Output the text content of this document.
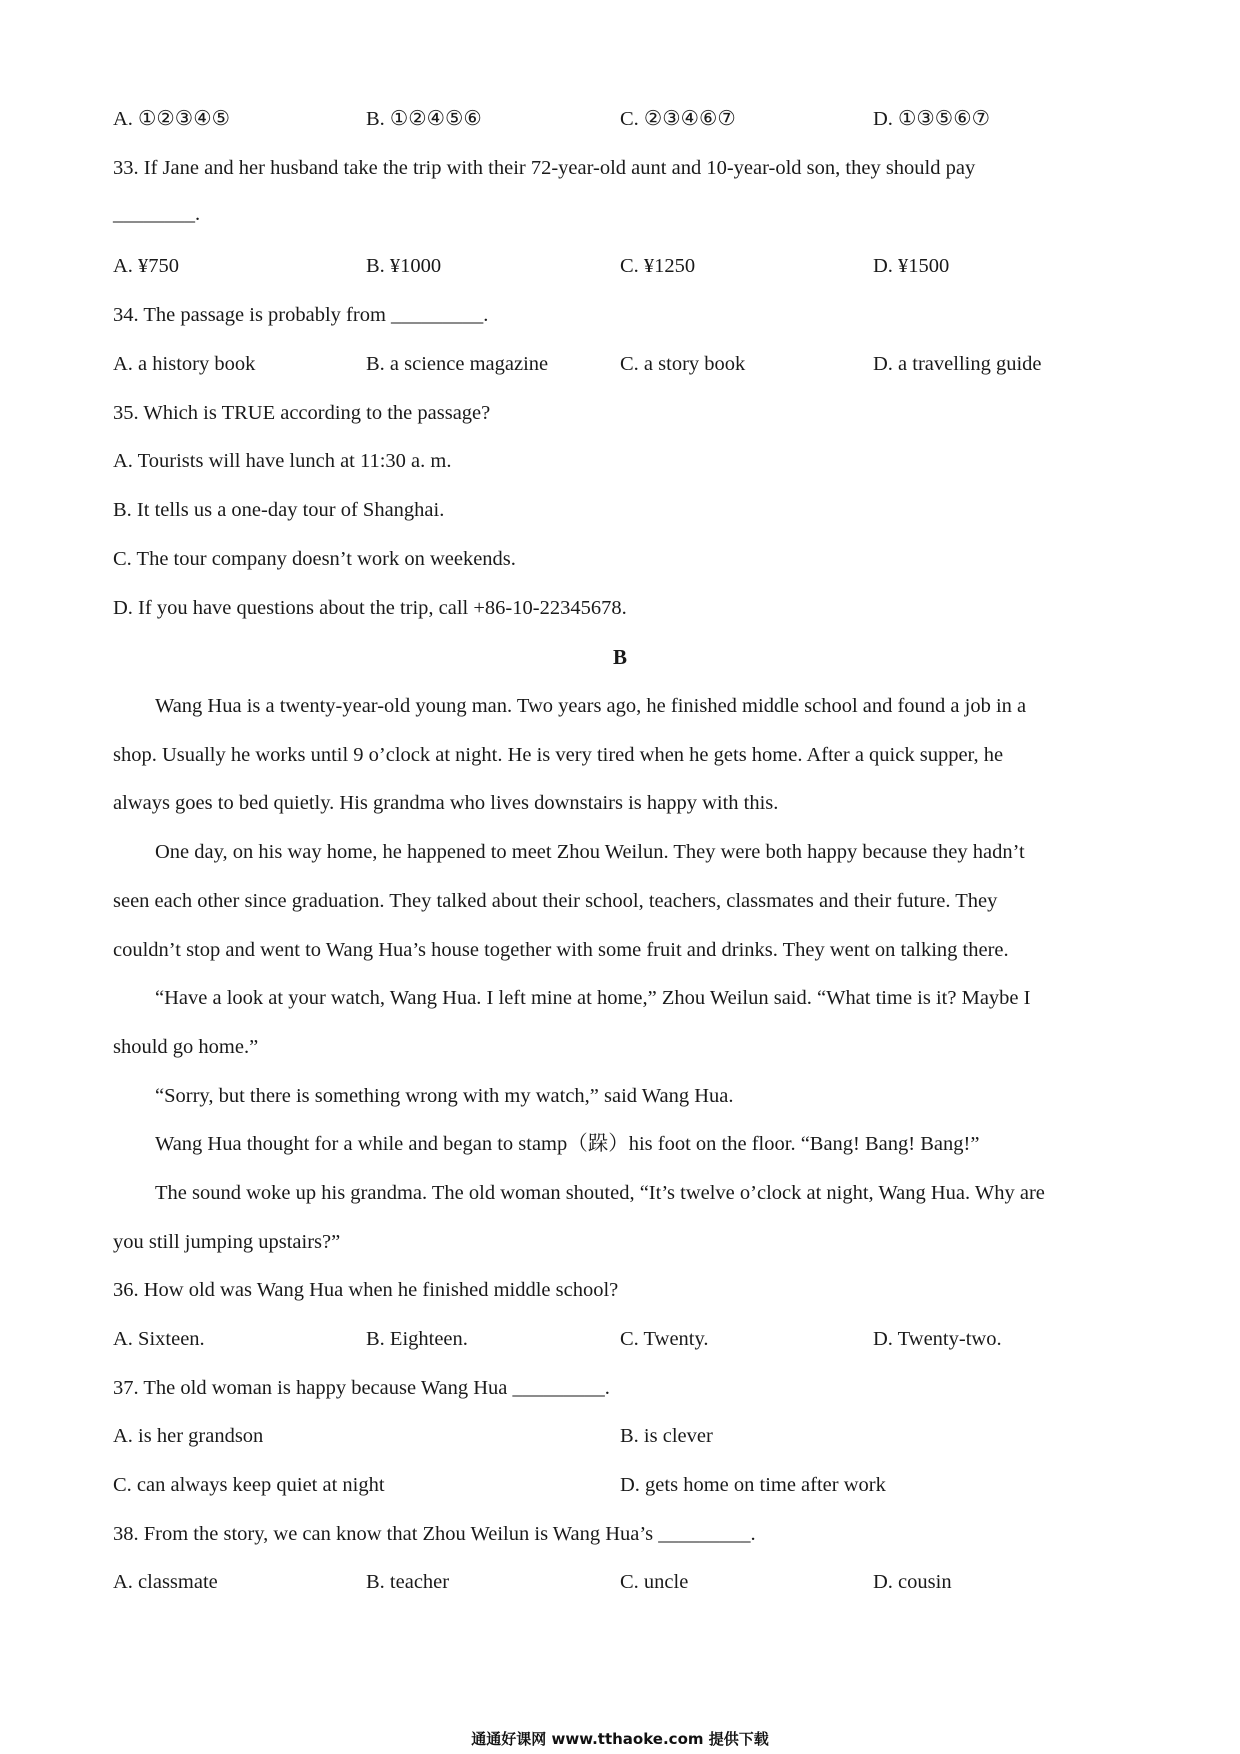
A. ①②③④⑤	B. ①②④⑤⑥	C. ②③④⑥⑦	D. ①③⑤⑥⑦
33. If Jane and her husband take the trip with their 72-year-old aunt and 10-year-old son, they should pay
________.
A. ¥750	B. ¥1000	C. ¥1250	D. ¥1500
34. The passage is probably from _________.
A. a history book	B. a science magazine	C. a story book	D. a travelling guide
35. Which is TRUE according to the passage?
A. Tourists will have lunch at 11:30 a. m.
B. It tells us a one-day tour of Shanghai.
C. The tour company doesn’t work on weekends.
D. If you have questions about the trip, call +86-10-22345678.
B
Wang Hua is a twenty-year-old young man. Two years ago, he finished middle school and found a job in a
shop. Usually he works until 9 o’clock at night. He is very tired when he gets home. After a quick supper, he
always goes to bed quietly. His grandma who lives downstairs is happy with this.
One day, on his way home, he happened to meet Zhou Weilun. They were both happy because they hadn’t
seen each other since graduation. They talked about their school, teachers, classmates and their future. They
couldn’t stop and went to Wang Hua’s house together with some fruit and drinks. They went on talking there.
“Have a look at your watch, Wang Hua. I left mine at home,” Zhou Weilun said. “What time is it? Maybe I
should go home.”
“Sorry, but there is something wrong with my watch,” said Wang Hua.
Wang Hua thought for a while and began to stamp（跺）his foot on the floor. “Bang! Bang! Bang!”
The sound woke up his grandma. The old woman shouted, “It’s twelve o’clock at night, Wang Hua. Why are
you still jumping upstairs?”
36. How old was Wang Hua when he finished middle school?
A. Sixteen.	B. Eighteen.	C. Twenty.	D. Twenty-two.
37. The old woman is happy because Wang Hua _________.
A. is her grandson	B. is clever
C. can always keep quiet at night	D. gets home on time after work
38. From the story, we can know that Zhou Weilun is Wang Hua’s _________.
A. classmate	B. teacher	C. uncle	D. cousin
通通好课网 www.tthaoke.com 提供下载
